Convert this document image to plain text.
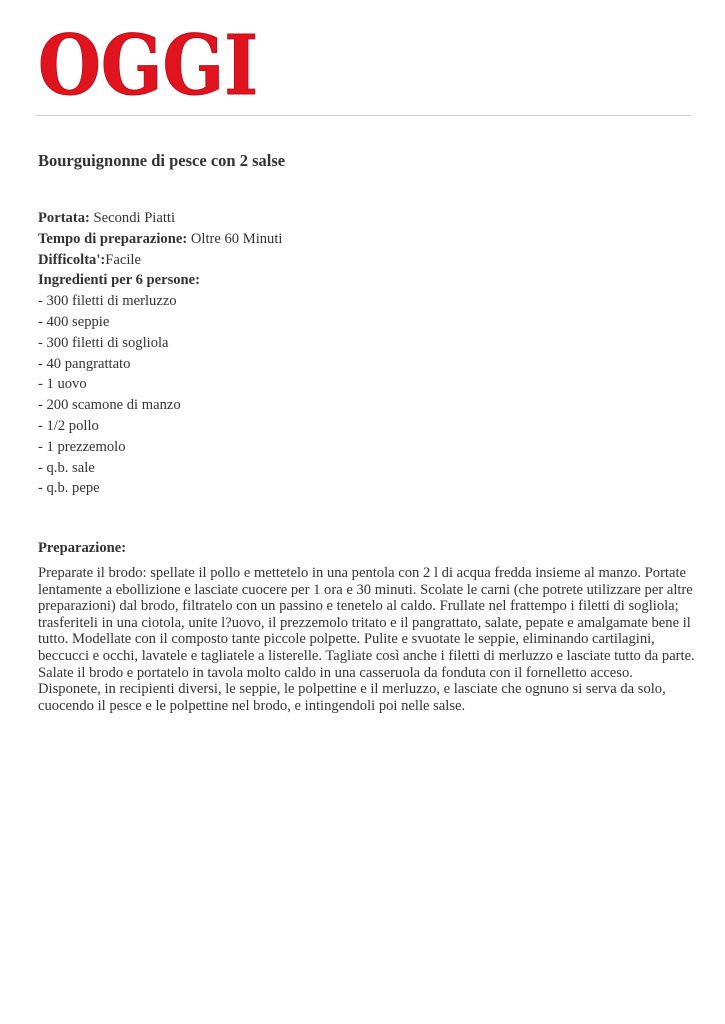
OGGI
Bourguignonne di pesce con 2 salse
Portata: Secondi Piatti
Tempo di preparazione: Oltre 60 Minuti
Difficolta':Facile
Ingredienti per 6 persone:
- 300 filetti di merluzzo
- 400 seppie
- 300 filetti di sogliola
- 40 pangrattato
- 1 uovo
- 200 scamone di manzo
- 1/2 pollo
- 1 prezzemolo
- q.b. sale
- q.b. pepe
Preparazione:
Preparate il brodo: spellate il pollo e mettetelo in una pentola con 2 l di acqua fredda insieme al manzo. Portate lentamente a ebollizione e lasciate cuocere per 1 ora e 30 minuti. Scolate le carni (che potrete utilizzare per altre preparazioni) dal brodo, filtratelo con un passino e tenetelo al caldo. Frullate nel frattempo i filetti di sogliola; trasferiteli in una ciotola, unite l?uovo, il prezzemolo tritato e il pangrattato, salate, pepate e amalgamate bene il tutto. Modellate con il composto tante piccole polpette. Pulite e svuotate le seppie, eliminando cartilagini, beccucci e occhi, lavatele e tagliatele a listerelle. Tagliate così anche i filetti di merluzzo e lasciate tutto da parte. Salate il brodo e portatelo in tavola molto caldo in una casseruola da fonduta con il fornelletto acceso. Disponete, in recipienti diversi, le seppie, le polpettine e il merluzzo, e lasciate che ognuno si serva da solo, cuocendo il pesce e le polpettine nel brodo, e intingendoli poi nelle salse.
